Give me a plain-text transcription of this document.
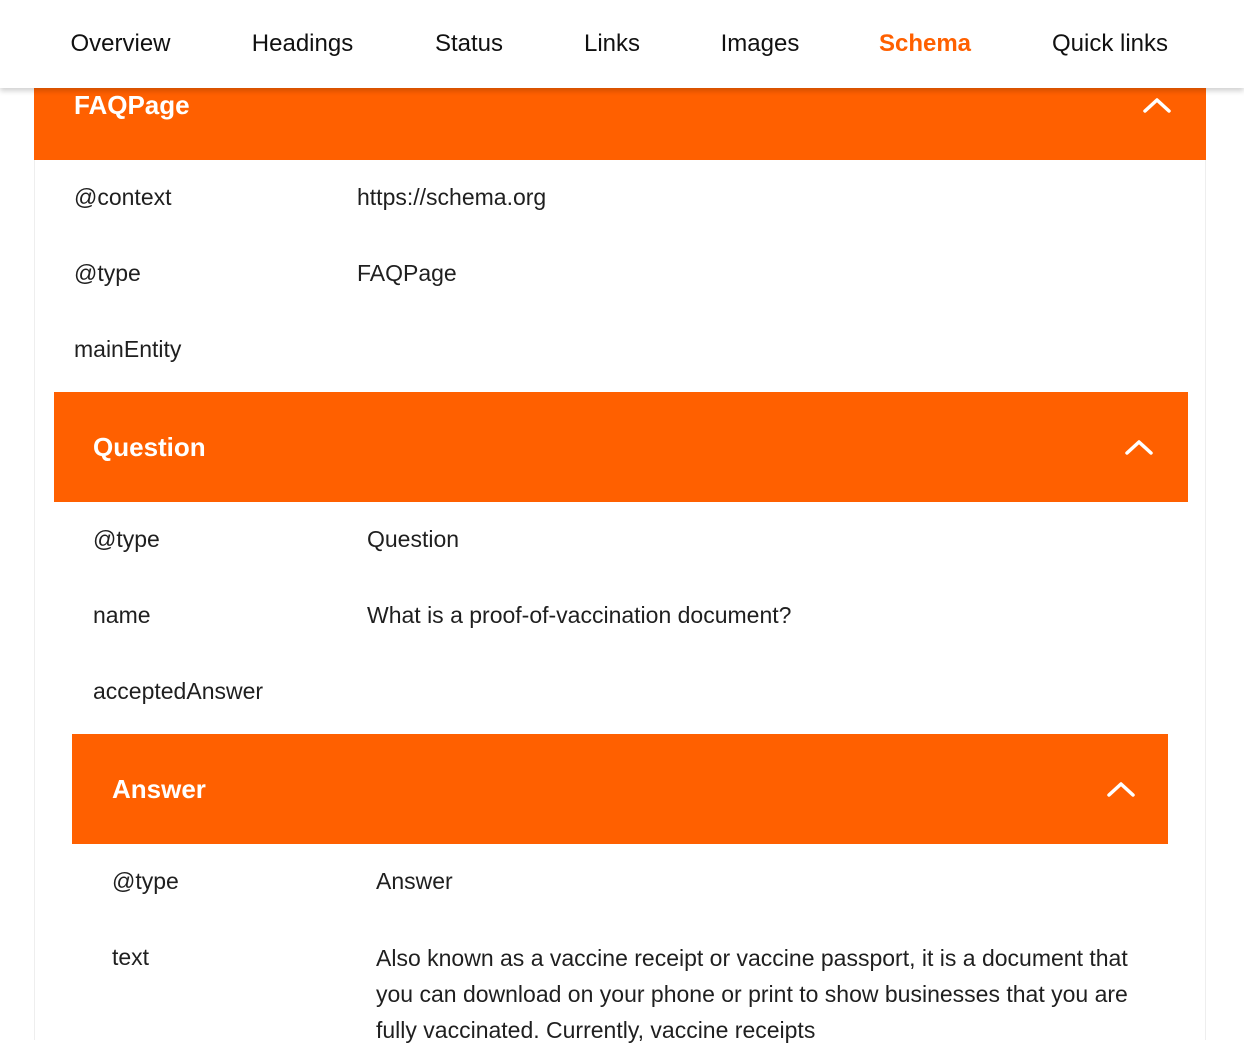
Overview	Headings	Status	Links	Images	Schema	Quick links
FAQPage
@context	https://schema.org
@type	FAQPage
mainEntity
Question
@type	Question
name	What is a proof-of-vaccination document?
acceptedAnswer
Answer
@type	Answer
text	Also known as a vaccine receipt or vaccine passport, it is a document that you can download on your phone or print to show businesses that you are fully vaccinated. Currently, vaccine receipts
